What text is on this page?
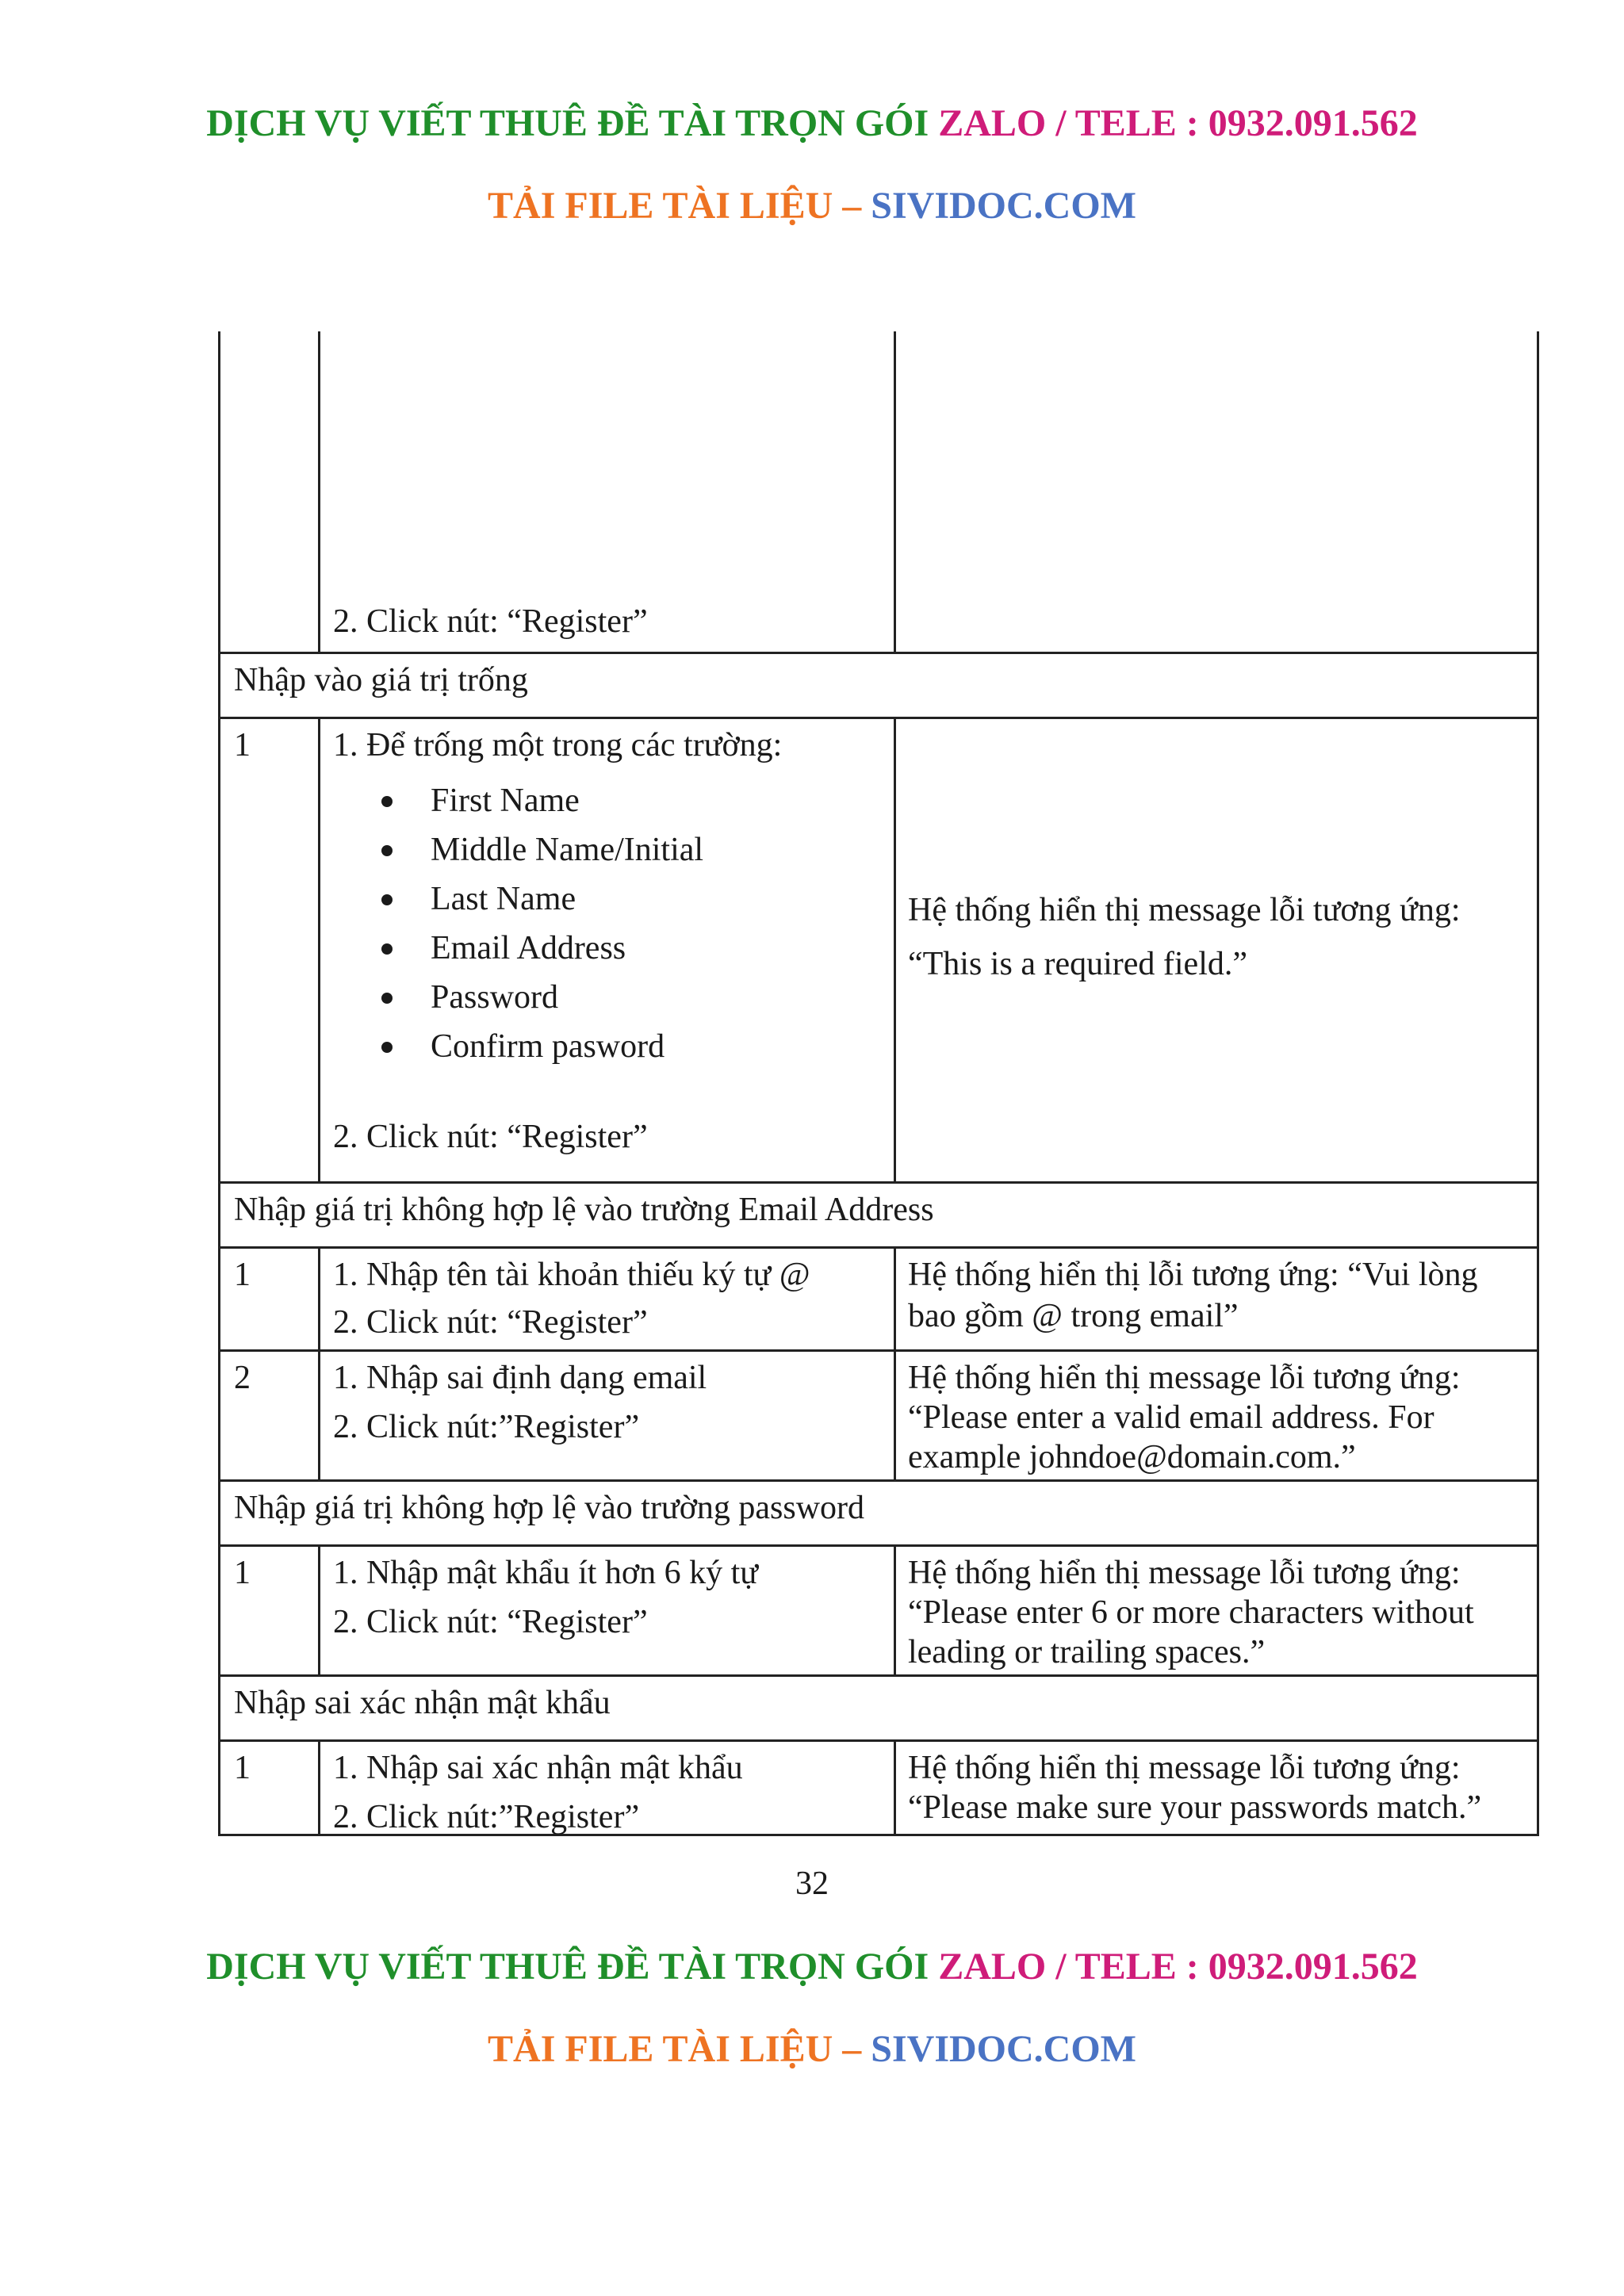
DỊCH VỤ VIẾT THUÊ ĐỀ TÀI TRỌN GÓI ZALO / TELE : 0932.091.562
TẢI FILE TÀI LIỆU – SIVIDOC.COM
2. Click nút: “Register”
Nhập vào giá trị trống
1 1. Để trống một trong các trường:
First Name
Middle Name/Initial
Last Name
Email Address
Password
Confirm pasword
2. Click nút: “Register”
Hệ thống hiển thị message lỗi tương ứng:
“This is a required field.”
Nhập giá trị không hợp lệ vào trường Email Address
1 1. Nhập tên tài khoản thiếu ký tự @
2. Click nút: “Register”
Hệ thống hiển thị lỗi tương ứng: “Vui lòng
bao gồm @ trong email”
2 1. Nhập sai định dạng email
2. Click nút:”Register”
Hệ thống hiển thị message lỗi tương ứng:
“Please enter a valid email address. For
example johndoe@domain.com.”
Nhập giá trị không hợp lệ vào trường password
1 1. Nhập mật khẩu ít hơn 6 ký tự
2. Click nút: “Register”
Hệ thống hiển thị message lỗi tương ứng:
“Please enter 6 or more characters without
leading or trailing spaces.”
Nhập sai xác nhận mật khẩu
1 1. Nhập sai xác nhận mật khẩu
2. Click nút:”Register”
Hệ thống hiển thị message lỗi tương ứng:
“Please make sure your passwords match.”
32
DỊCH VỤ VIẾT THUÊ ĐỀ TÀI TRỌN GÓI ZALO / TELE : 0932.091.562
TẢI FILE TÀI LIỆU – SIVIDOC.COM
